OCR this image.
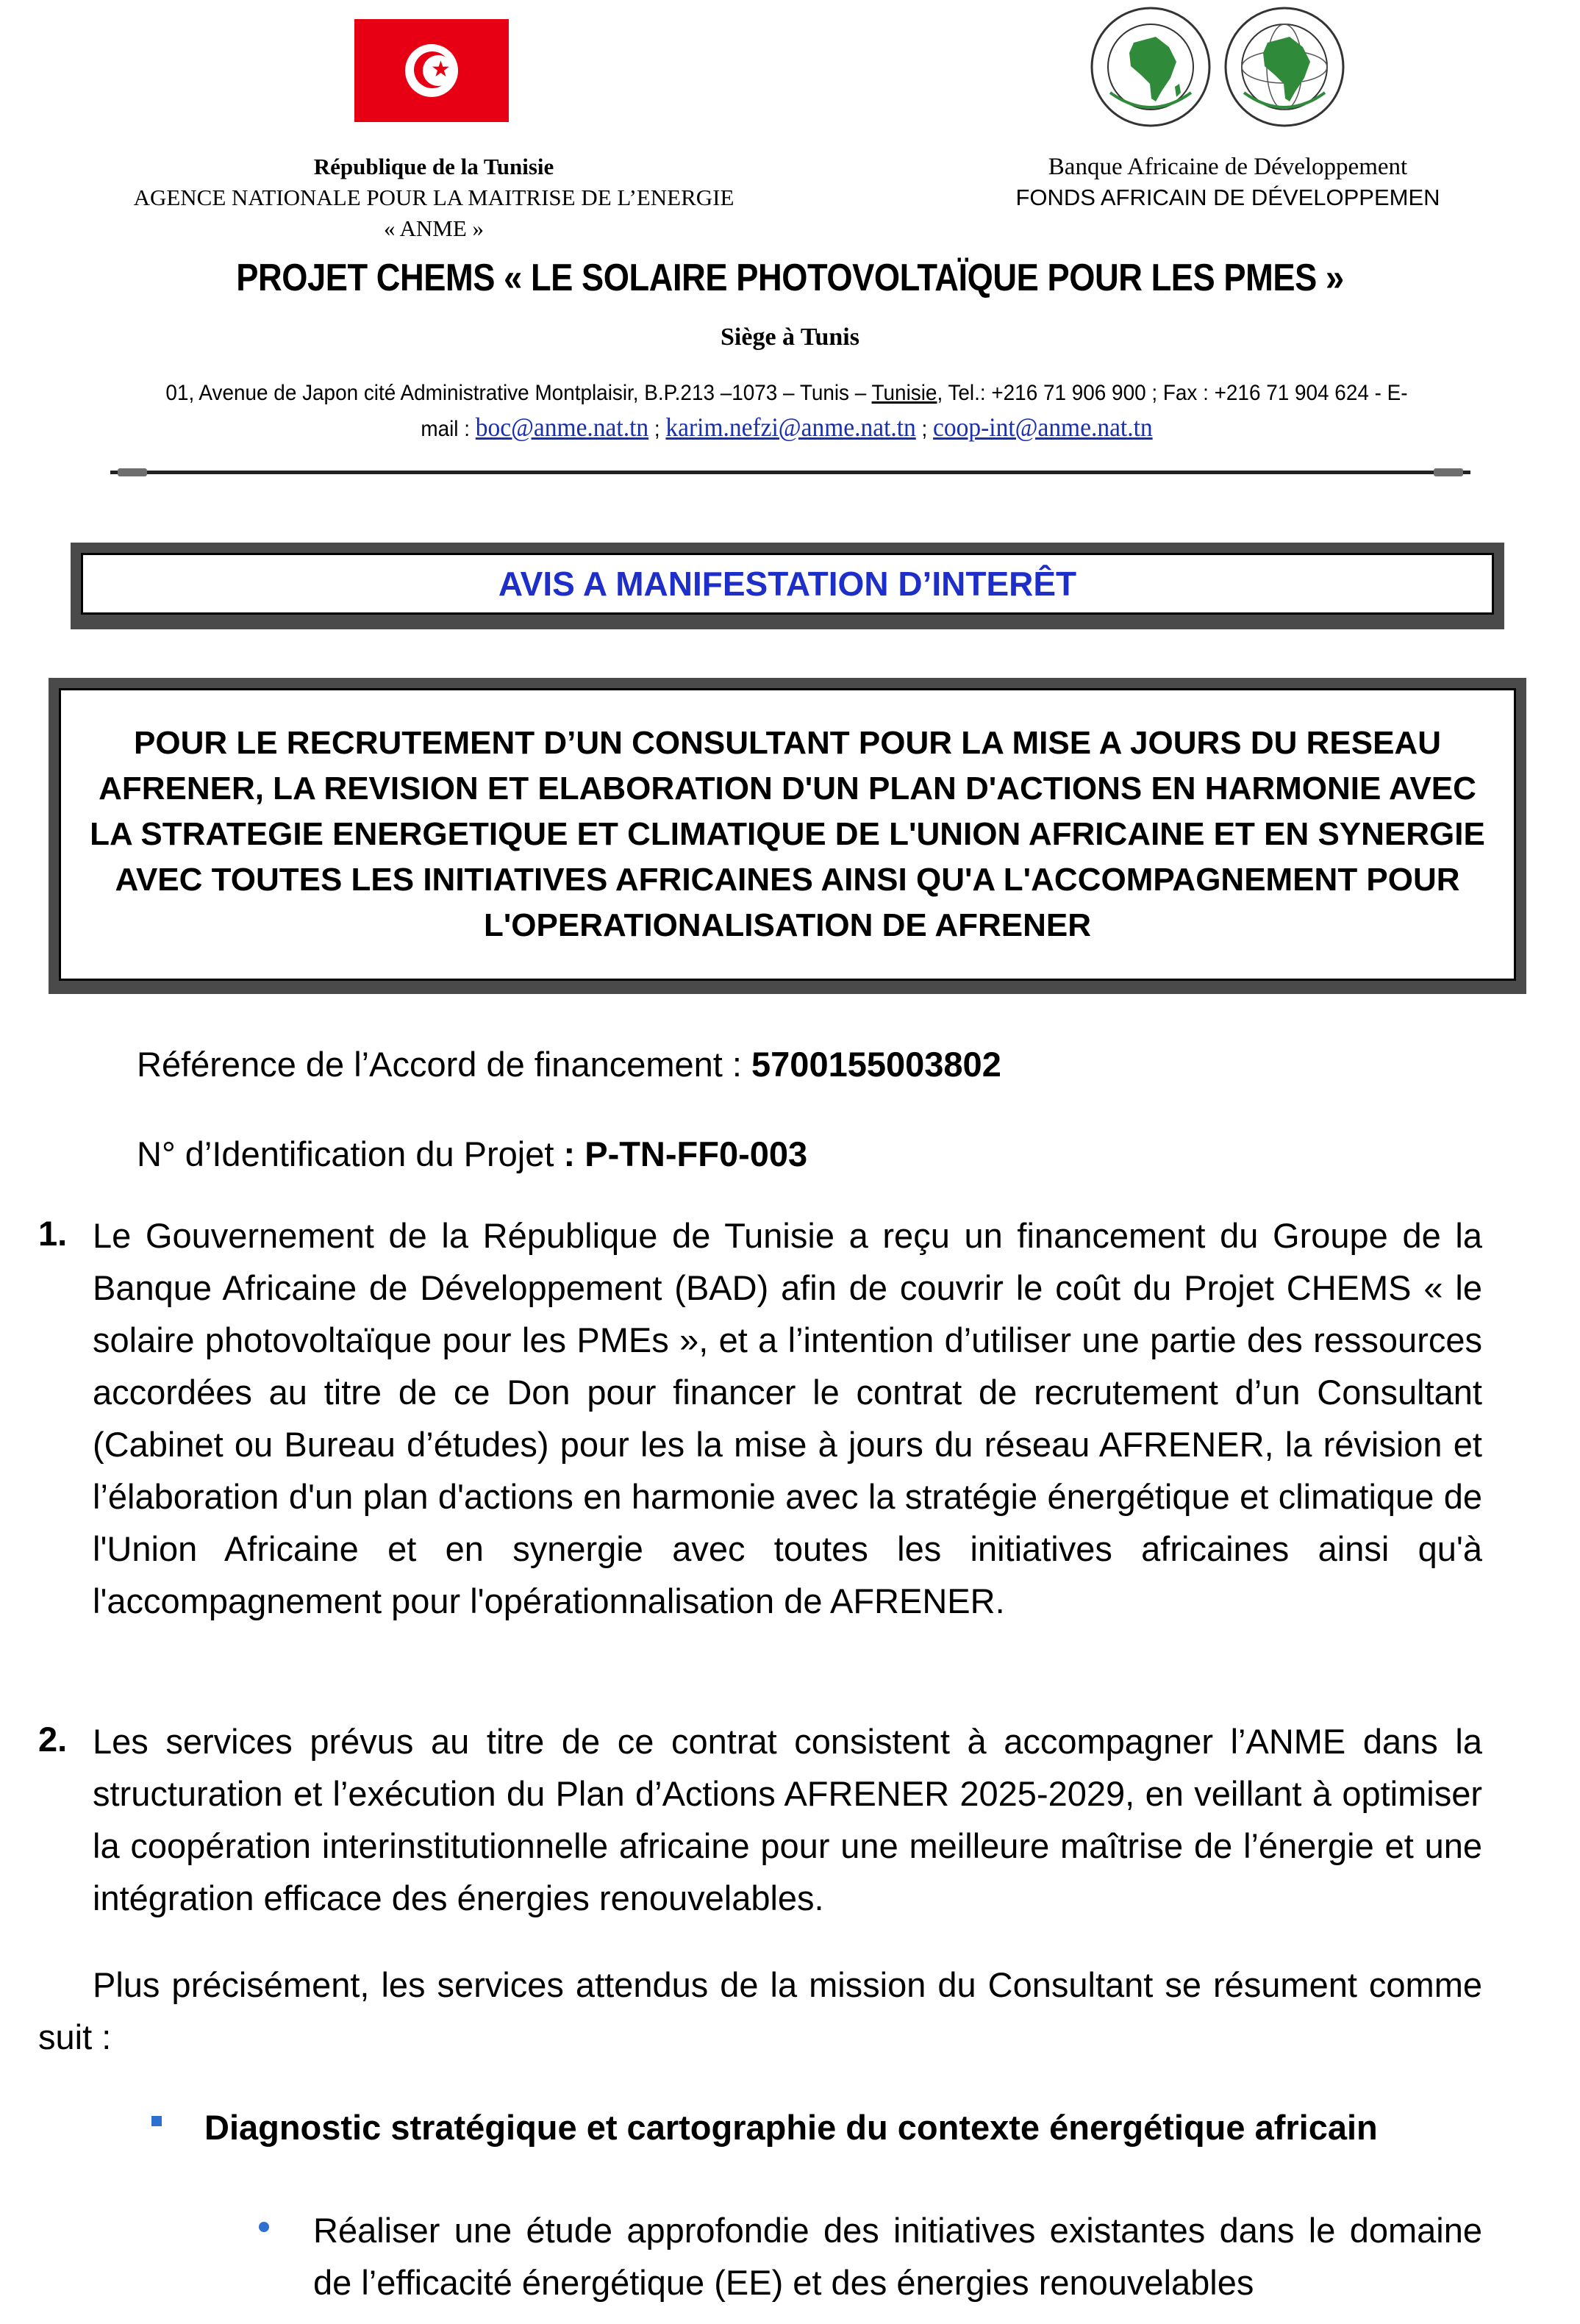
★
République de la Tunisie
AGENCE NATIONALE POUR LA MAITRISE DE L’ENERGIE
« ANME »
Banque Africaine de Développement
FONDS AFRICAIN DE DÉVELOPPEMEN
PROJET CHEMS « LE SOLAIRE PHOTOVOLTAÏQUE POUR LES PMES »
Siège à Tunis
01, Avenue de Japon cité Administrative Montplaisir, B.P.213 –1073 – Tunis – Tunisie, Tel.: +216 71 906 900 ; Fax : +216 71 904 624 - E-mail : boc@anme.nat.tn ; karim.nefzi@anme.nat.tn ; coop-int@anme.nat.tn
AVIS A MANIFESTATION D’INTERÊT
POUR LE RECRUTEMENT D’UN CONSULTANT POUR LA MISE A JOURS DU RESEAU AFRENER, LA REVISION ET ELABORATION D'UN PLAN D'ACTIONS EN HARMONIE AVEC LA STRATEGIE ENERGETIQUE ET CLIMATIQUE DE L'UNION AFRICAINE ET EN SYNERGIE AVEC TOUTES LES INITIATIVES AFRICAINES AINSI QU'A L'ACCOMPAGNEMENT POUR L'OPERATIONALISATION DE AFRENER
Référence de l’Accord de financement : 5700155003802
N° d’Identification du Projet : P-TN-FF0-003
1. Le Gouvernement de la République de Tunisie a reçu un financement du Groupe de la Banque Africaine de Développement (BAD) afin de couvrir le coût du Projet CHEMS « le solaire photovoltaïque pour les PMEs », et a l’intention d’utiliser une partie des ressources accordées au titre de ce Don pour financer le contrat de recrutement d’un Consultant (Cabinet ou Bureau d’études) pour les la mise à jours du réseau AFRENER, la révision et l’élaboration d'un plan d'actions en harmonie avec la stratégie énergétique et climatique de l'Union Africaine et en synergie avec toutes les initiatives africaines ainsi qu'à l'accompagnement pour l'opérationnalisation de AFRENER.
2. Les services prévus au titre de ce contrat consistent à accompagner l’ANME dans la structuration et l’exécution du Plan d’Actions AFRENER 2025-2029, en veillant à optimiser la coopération interinstitutionnelle africaine pour une meilleure maîtrise de l’énergie et une intégration efficace des énergies renouvelables.
Plus précisément, les services attendus de la mission du Consultant se résument comme suit :
Diagnostic stratégique et cartographie du contexte énergétique africain
Réaliser une étude approfondie des initiatives existantes dans le domaine de l’efficacité énergétique (EE) et des énergies renouvelables
